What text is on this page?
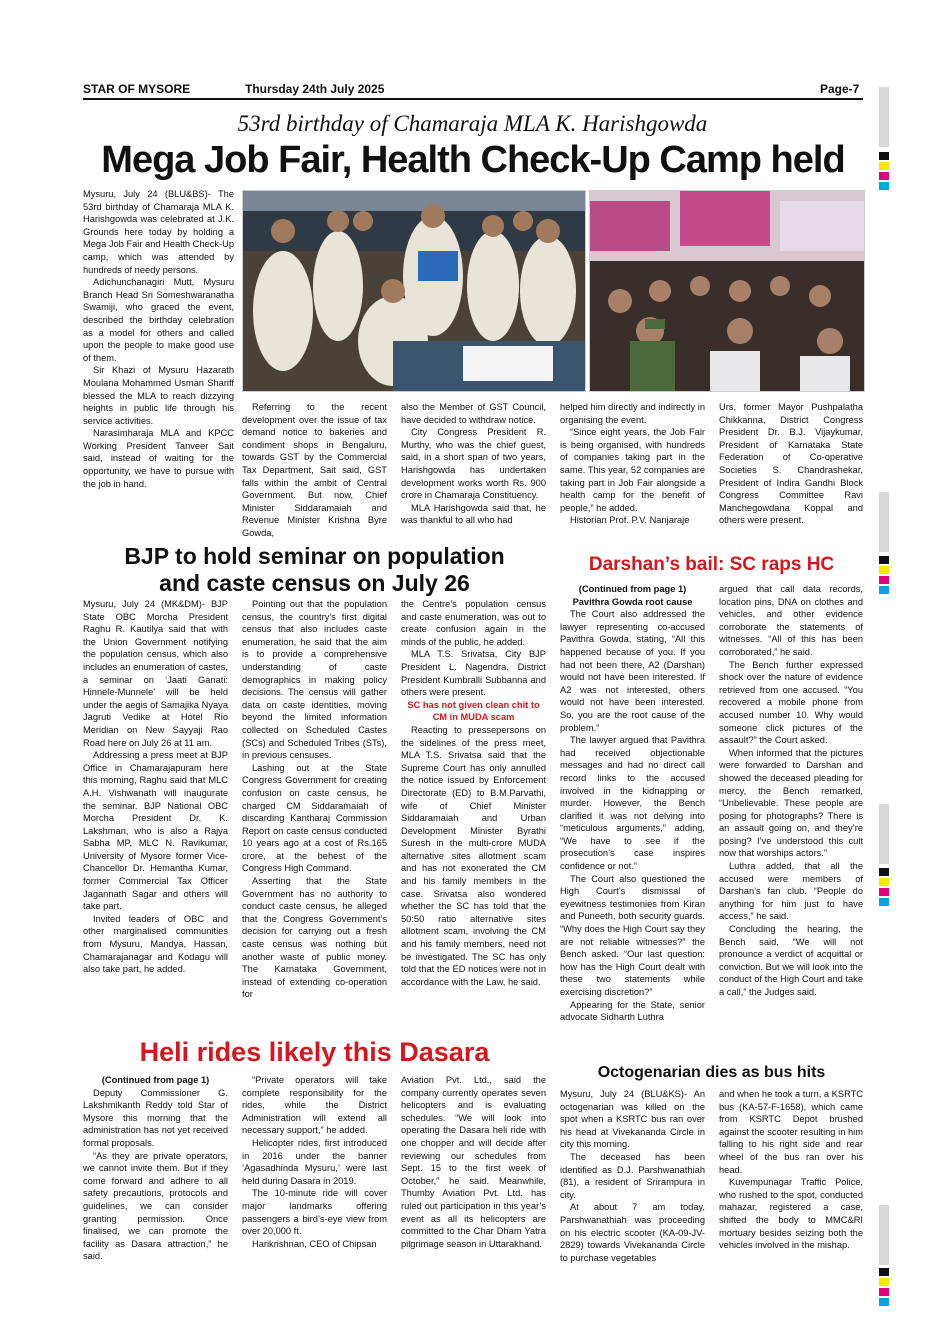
STAR OF MYSORE	Thursday 24th July 2025	Page-7
53rd birthday of Chamaraja MLA K. Harishgowda
Mega Job Fair, Health Check-Up Camp held

Mysuru, July 24 (BLU&BS)- The 53rd birthday of Chamaraja MLA K. Harishgowda was celebrated at J.K. Grounds here today by holding a Mega Job Fair and Health Check-Up camp, which was attended by hundreds of needy persons.

Adichunchanagiri Mutt, Mysuru Branch Head Sri Someshwaranatha Swamiji, who graced the event, described the birthday celebration as a model for others and called upon the people to make good use of them.

Sir Khazi of Mysuru Hazarath Moulana Mohammed Usman Shariff blessed the MLA to reach dizzying heights in public life through his service activities.

Narasimharaja MLA and KPCC Working President Tanveer Sait said, instead of waiting for the opportunity, we have to pursue with the job in hand.

Referring to the recent development over the issue of tax demand notice to bakeries and condiment shops in Bengaluru, towards GST by the Commercial Tax Department, Sait said, GST falls within the ambit of Central Government. But now, Chief Minister Siddaramaiah and Revenue Minister Krishna Byre Gowda,

also the Member of GST Council, have decided to withdraw notice.

City Congress President R. Murthy, who was the chief guest, said, in a short span of two years, Harishgowda has undertaken development works worth Rs. 900 crore in Chamaraja Constituency.

MLA Harishgowda said that, he was thankful to all who had

helped him directly and indirectly in organising the event.

“Since eight years, the Job Fair is being organised, with hundreds of companies taking part in the same. This year, 52 companies are taking part in Job Fair alongside a health camp for the benefit of people,” he added.

Historian Prof. P.V. Nanjaraje

Urs, former Mayor Pushpalatha Chikkanna, District Congress President Dr. B.J. Vijaykumar, President of Karnataka State Federation of Co-operative Societies S. Chandrashekar, President of Indira Gandhi Block Congress Committee Ravi Manchegowdana Koppal and others were present.

BJP to hold seminar on population
and caste census on July 26

Mysuru, July 24 (MK&DM)- BJP State OBC Morcha President Raghu R. Kautilya said that with the Union Government notifying the population census, which also includes an enumeration of castes, a seminar on ‘Jaati Ganati: Hinnele-Munnele’ will be held under the aegis of Samajika Nyaya Jagruti Vedike at Hotel Rio Meridian on New Sayyaji Rao Road here on July 26 at 11 am.

Addressing a press meet at BJP Office in Chamarajapuram here this morning, Raghu said that MLC A.H. Vishwanath will inaugurate the seminar. BJP National OBC Morcha President Dr. K. Lakshman, who is also a Rajya Sabha MP, MLC N. Ravikumar, University of Mysore former Vice-Chancellor Dr. Hemantha Kumar, former Commercial Tax Officer Jagannath Sagar and others will take part.

Invited leaders of OBC and other marginalised communities from Mysuru, Mandya, Hassan, Chamarajanagar and Kodagu will also take part, he added.

Pointing out that the population census, the country's first digital census that also includes caste enumeration, he said that the aim is to provide a comprehensive understanding of caste demographics in making policy decisions. The census will gather data on caste identities, moving beyond the limited information collected on Scheduled Castes (SCs) and Scheduled Tribes (STs), in previous censuses.

Lashing out at the State Congress Government for creating confusion on caste census, he charged CM Siddaramaiah of discarding Kantharaj Commission Report on caste census conducted 10 years ago at a cost of Rs.165 crore, at the behest of the Congress High Command.

Asserting that the State Government has no authority to conduct caste census, he alleged that the Congress Government’s decision for carrying out a fresh caste census was nothing but another waste of public money. The Karnataka Government, instead of extending co-operation for

the Centre’s population census and caste enumeration, was out to create confusion again in the minds of the public, he added.

MLA T.S. Srivatsa, City BJP President L. Nagendra, District President Kumbralli Subbanna and others were present.

SC has not given clean chit to CM in MUDA scam

Reacting to pressepersons on the sidelines of the press meet, MLA T.S. Srivatsa said that the Supreme Court has only annulled the notice issued by Enforcement Directorate (ED) to B.M.Parvathi, wife of Chief Minister Siddaramaiah and Urban Development Minister Byrathi Suresh in the multi-crore MUDA alternative sites allotment scam and has not exonerated the CM and his family members in the case. Srivatsa also wondered whether the SC has told that the 50:50 ratio alternative sites allotment scam, involving the CM and his family members, need not be investigated. The SC has only told that the ED notices were not in accordance with the Law, he said.

Darshan’s bail: SC raps HC

(Continued from page 1)

Pavithra Gowda root cause

The Court also addressed the lawyer representing co-accused Pavithra Gowda, stating, “All this happened because of you. If you had not been there, A2 (Darshan) would not have been interested. If A2 was not interested, others would not have been interested. So, you are the root cause of the problem.”

The lawyer argued that Pavithra had received objectionable messages and had no direct call record links to the accused involved in the kidnapping or murder. However, the Bench clarified it was not delving into “meticulous arguments,” adding, “We have to see if the prosecution’s case inspires confidence or not.”

The Court also questioned the High Court’s dismissal of eyewitness testimonies from Kiran and Puneeth, both security guards. “Why does the High Court say they are not reliable witnesses?” the Bench asked. “Our last question: how has the High Court dealt with these two statements while exercising discretion?”

Appearing for the State, senior advocate Sidharth Luthra

argued that call data records, location pins, DNA on clothes and vehicles, and other evidence corroborate the statements of witnesses. “All of this has been corroborated,” he said.

The Bench further expressed shock over the nature of evidence retrieved from one accused. “You recovered a mobile phone from accused number 10. Why would someone click pictures of the assault?” the Court asked.

When informed that the pictures were forwarded to Darshan and showed the deceased pleading for mercy, the Bench remarked, “Unbelievable. These people are posing for photographs? There is an assault going on, and they’re posing? I’ve understood this cult now that worships actors.”

Luthra added, that all the accused were members of Darshan’s fan club. “People do anything for him just to have access,” he said.

Concluding the hearing, the Bench said, “We will not pronounce a verdict of acquittal or conviction. But we will look into the conduct of the High Court and take a call,” the Judges said.

Heli rides likely this Dasara

(Continued from page 1)

Deputy Commissioner G. Lakshmikanth Reddy told Star of Mysore this morning that the administration has not yet received formal proposals.

“As they are private operators, we cannot invite them. But if they come forward and adhere to all safety precautions, protocols and guidelines, we can consider granting permission. Once finalised, we can promote the facility as Dasara attraction,” he said.

“Private operators will take complete responsibility for the rides, while the District Administration will extend all necessary support,” he added.

Helicopter rides, first introduced in 2016 under the banner ‘Agasadhinda Mysuru,’ were last held during Dasara in 2019.

The 10-minute ride will cover major landmarks offering passengers a bird’s-eye view from over 20,000 ft.

Harikrishnan, CEO of Chipsan

Aviation Pvt. Ltd., said the company currently operates seven helicopters and is evaluating schedules. “We will look into operating the Dasara heli ride with one chopper and will decide after reviewing our schedules from Sept. 15 to the first week of October,” he said. Meanwhile, Thumby Aviation Pvt. Ltd. has ruled out participation in this year’s event as all its helicopters are committed to the Char Dham Yatra pilgrimage season in Uttarakhand.

Octogenarian dies as bus hits

Mysuru, July 24 (BLU&KS)- An octogenarian was killed on the spot when a KSRTC bus ran over his head at Vivekananda Circle in city this morning.

The deceased has been identified as D.J. Parshwanathiah (81), a resident of Srirampura in city.

At about 7 am today, Parshwanathiah was proceeding on his electric scooter (KA-09-JV-2829) towards Vivekananda Circle to purchase vegetables

and when he took a turn, a KSRTC bus (KA-57-F-1658), which came from KSRTC Depot brushed against the scooter resulting in him falling to his right side and rear wheel of the bus ran over his head.

Kuvempunagar Traffic Police, who rushed to the spot, conducted mahazar, registered a case, shifted the body to MMC&RI mortuary besides seizing both the vehicles involved in the mishap.
